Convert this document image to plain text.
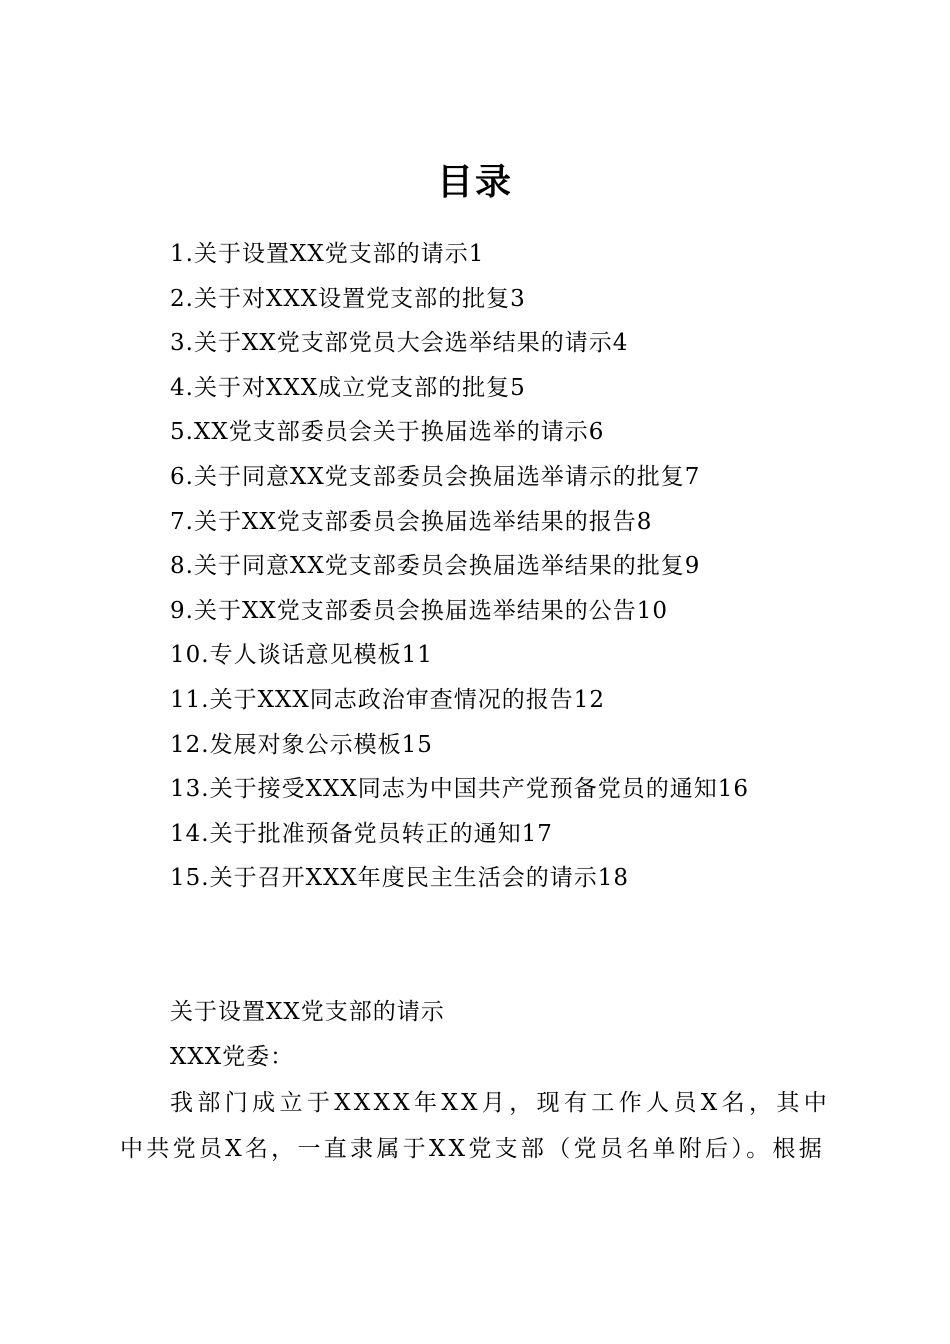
目录
1.关于设置XX党支部的请示1
2.关于对XXX设置党支部的批复3
3.关于XX党支部党员大会选举结果的请示4
4.关于对XXX成立党支部的批复5
5.XX党支部委员会关于换届选举的请示6
6.关于同意XX党支部委员会换届选举请示的批复7
7.关于XX党支部委员会换届选举结果的报告8
8.关于同意XX党支部委员会换届选举结果的批复9
9.关于XX党支部委员会换届选举结果的公告10
10.专人谈话意见模板11
11.关于XXX同志政治审查情况的报告12
12.发展对象公示模板15
13.关于接受XXX同志为中国共产党预备党员的通知16
14.关于批准预备党员转正的通知17
15.关于召开XXX年度民主生活会的请示18
关于设置XX党支部的请示

XXX党委：

我部门成立于XXXX年XX月，现有工作人员X名，其中中共党员X名，一直隶属于XX党支部（党员名单附后）。根据
